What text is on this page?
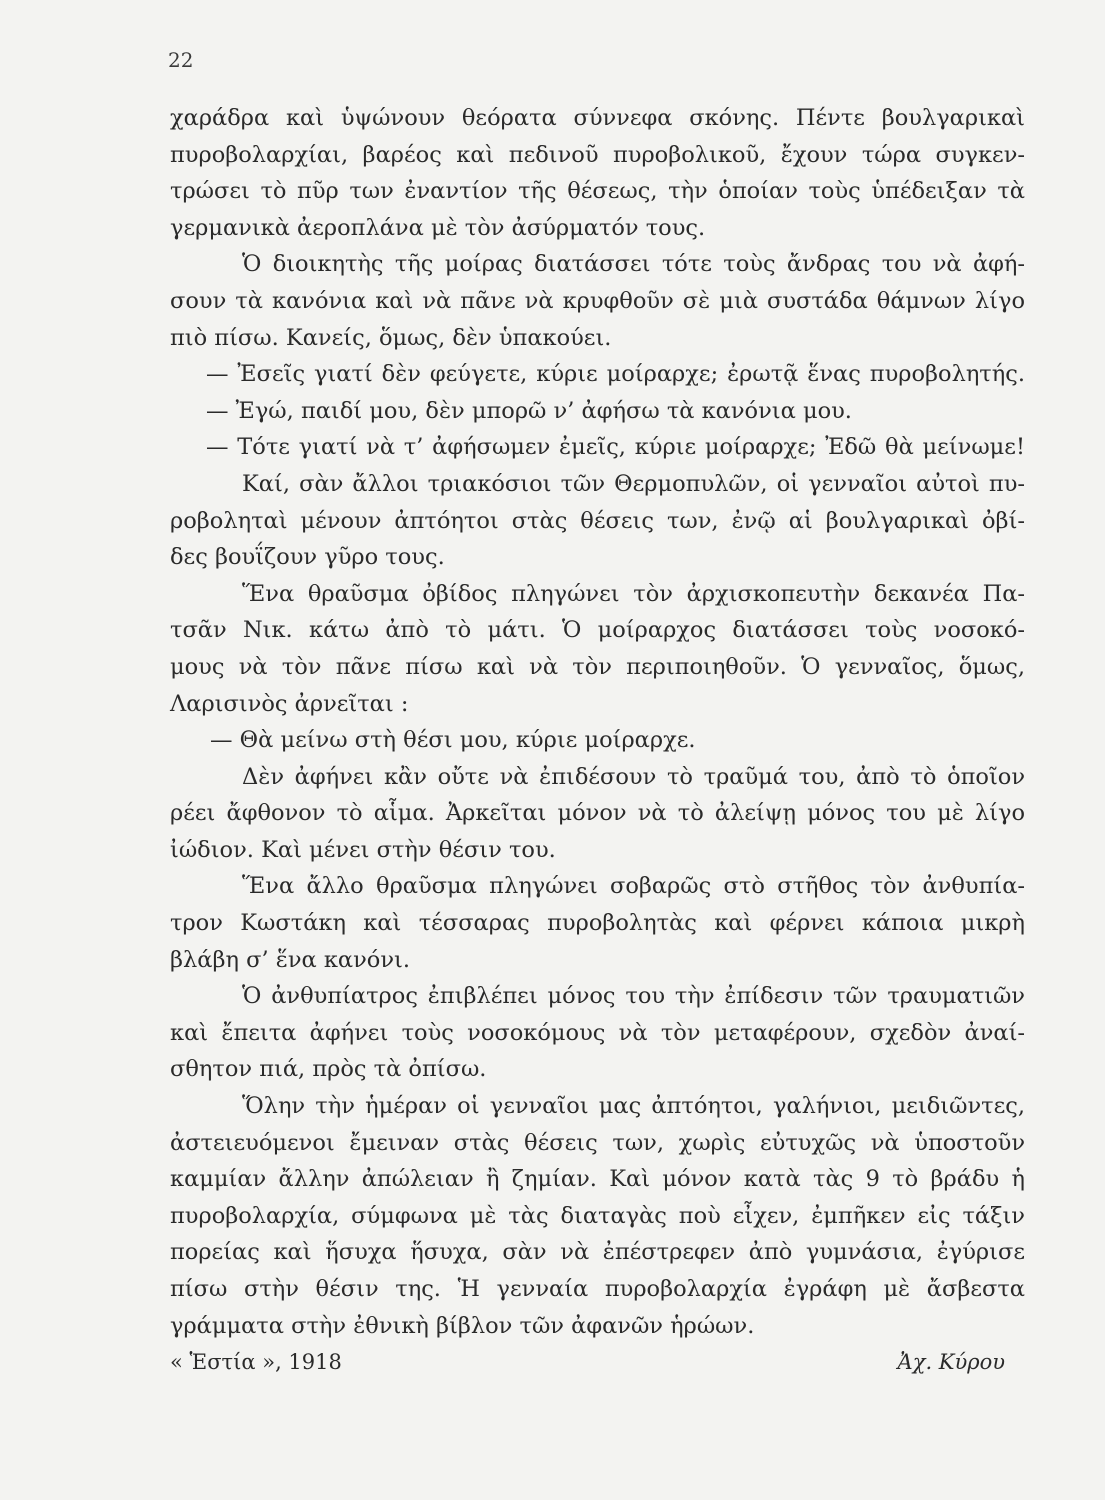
22
χαράδρα καὶ ὑψώνουν θεόρατα σύννεφα σκόνης. Πέντε βουλγαρικαὶ
πυροβολαρχίαι, βαρέος καὶ πεδινοῦ πυροβολικοῦ, ἔχουν τώρα συγκεν-
τρώσει τὸ πῦρ των ἐναντίον τῆς θέσεως, τὴν ὁποίαν τοὺς ὑπέδειξαν τὰ
γερμανικὰ ἀεροπλάνα μὲ τὸν ἀσύρματόν τους.
Ὁ διοικητὴς τῆς μοίρας διατάσσει τότε τοὺς ἄνδρας του νὰ ἀφή-
σουν τὰ κανόνια καὶ νὰ πᾶνε νὰ κρυφθοῦν σὲ μιὰ συστάδα θάμνων λίγο
πιὸ πίσω. Κανείς, ὅμως, δὲν ὑπακούει.
— Ἐσεῖς γιατί δὲν φεύγετε, κύριε μοίραρχε; ἐρωτᾷ ἕνας πυροβολητής.
— Ἐγώ, παιδί μου, δὲν μπορῶ ν’ ἀφήσω τὰ κανόνια μου.
— Τότε γιατί νὰ τ’ ἀφήσωμεν ἐμεῖς, κύριε μοίραρχε; Ἐδῶ θὰ μείνωμε!
Καί, σὰν ἄλλοι τριακόσιοι τῶν Θερμοπυλῶν, οἱ γενναῖοι αὐτοὶ πυ-
ροβοληταὶ μένουν ἀπτόητοι στὰς θέσεις των, ἐνῷ αἱ βουλγαρικαὶ ὀβί-
δες βουΐζουν γῦρο τους.
Ἕνα θραῦσμα ὀβίδος πληγώνει τὸν ἀρχισκοπευτὴν δεκανέα Πα-
τσᾶν Νικ. κάτω ἀπὸ τὸ μάτι. Ὁ μοίραρχος διατάσσει τοὺς νοσοκό-
μους νὰ τὸν πᾶνε πίσω καὶ νὰ τὸν περιποιηθοῦν. Ὁ γενναῖος, ὅμως,
Λαρισινὸς ἀρνεῖται :
— Θὰ μείνω στὴ θέσι μου, κύριε μοίραρχε.
Δὲν ἀφήνει κἂν οὔτε νὰ ἐπιδέσουν τὸ τραῦμά του, ἀπὸ τὸ ὁποῖον
ρέει ἄφθονον τὸ αἷμα. Ἀρκεῖται μόνον νὰ τὸ ἀλείψῃ μόνος του μὲ λίγο
ἰώδιον. Καὶ μένει στὴν θέσιν του.
Ἕνα ἄλλο θραῦσμα πληγώνει σοβαρῶς στὸ στῆθος τὸν ἀνθυπία-
τρον Κωστάκη καὶ τέσσαρας πυροβολητὰς καὶ φέρνει κάποια μικρὴ
βλάβη σ’ ἕνα κανόνι.
Ὁ ἀνθυπίατρος ἐπιβλέπει μόνος του τὴν ἐπίδεσιν τῶν τραυματιῶν
καὶ ἔπειτα ἀφήνει τοὺς νοσοκόμους νὰ τὸν μεταφέρουν, σχεδὸν ἀναί-
σθητον πιά, πρὸς τὰ ὀπίσω.
Ὅλην τὴν ἡμέραν οἱ γενναῖοι μας ἀπτόητοι, γαλήνιοι, μειδιῶντες,
ἀστειευόμενοι ἔμειναν στὰς θέσεις των, χωρὶς εὐτυχῶς νὰ ὑποστοῦν
καμμίαν ἄλλην ἀπώλειαν ἢ ζημίαν. Καὶ μόνον κατὰ τὰς 9 τὸ βράδυ ἡ
πυροβολαρχία, σύμφωνα μὲ τὰς διαταγὰς ποὺ εἶχεν, ἐμπῆκεν εἰς τάξιν
πορείας καὶ ἥσυχα ἥσυχα, σὰν νὰ ἐπέστρεφεν ἀπὸ γυμνάσια, ἐγύρισε
πίσω στὴν θέσιν της. Ἡ γενναία πυροβολαρχία ἐγράφη μὲ ἄσβεστα
γράμματα στὴν ἐθνικὴ βίβλον τῶν ἀφανῶν ἡρώων.
« Ἑστία », 1918	Ἀχ. Κύρου
